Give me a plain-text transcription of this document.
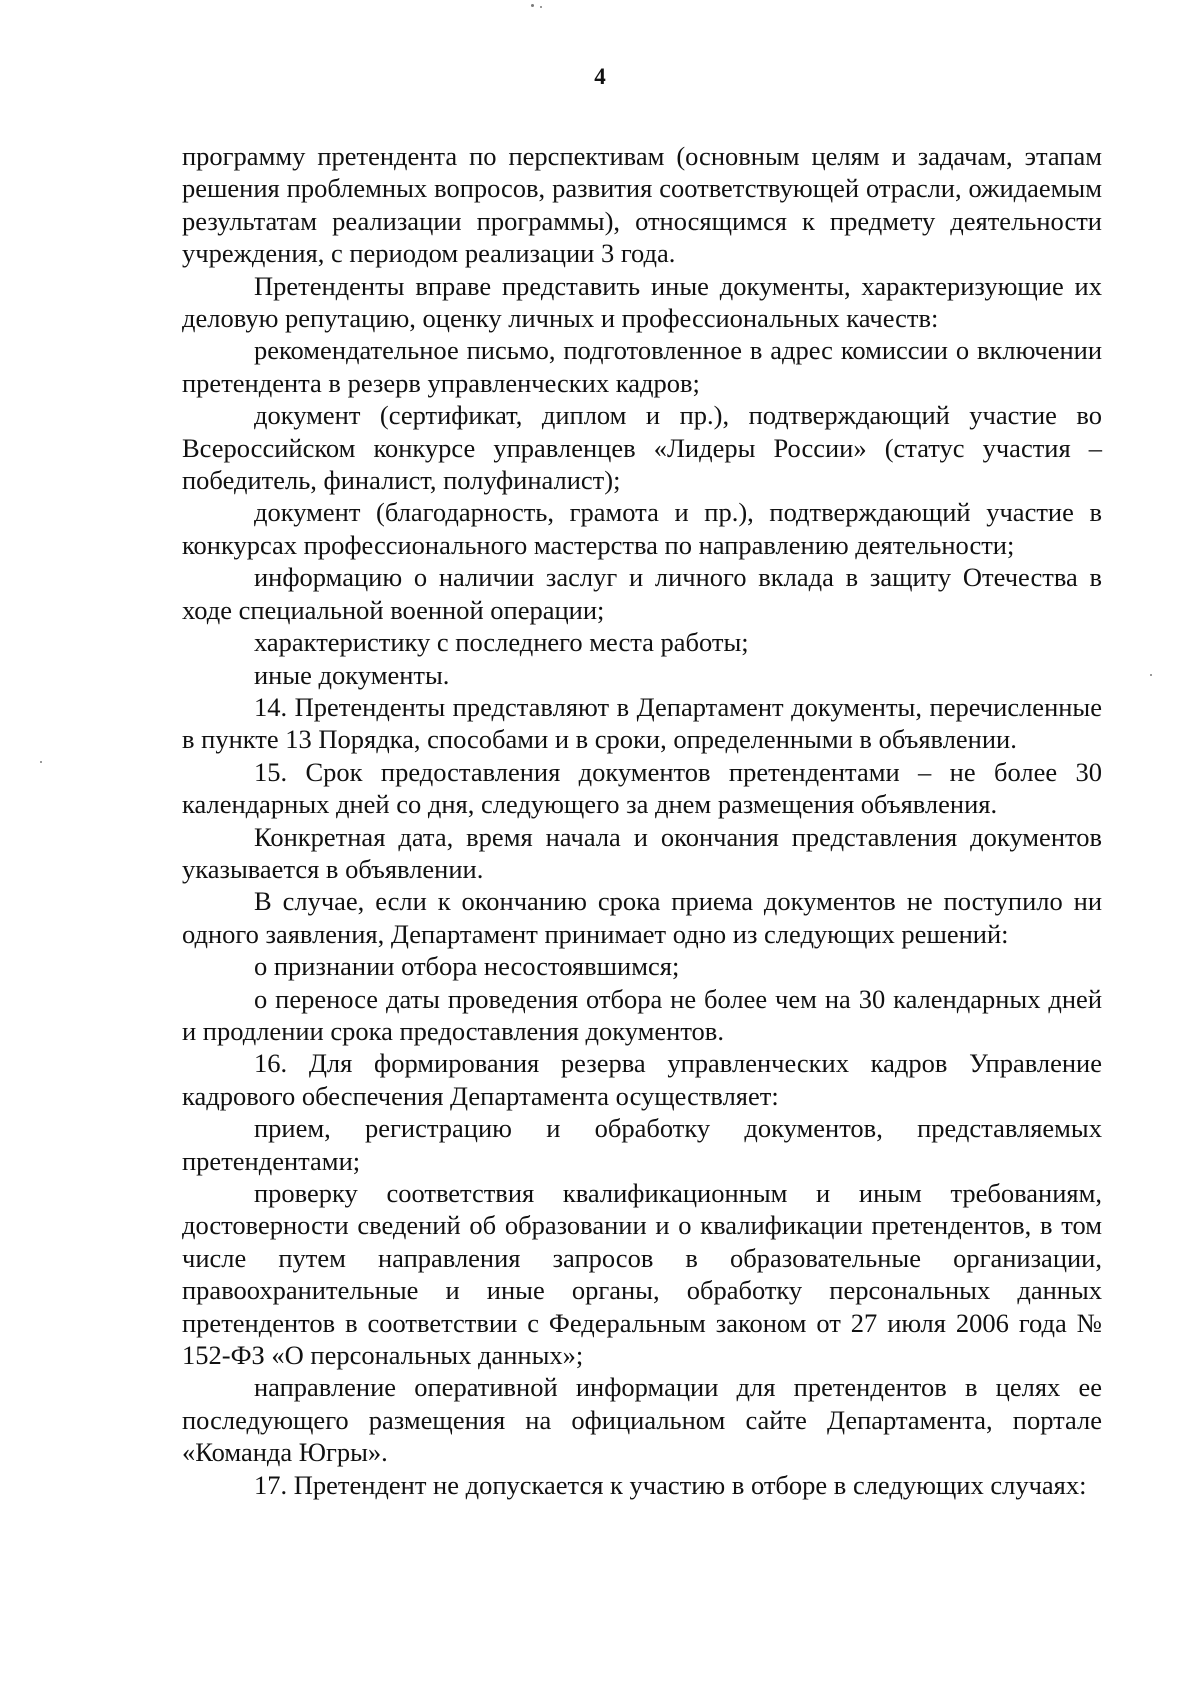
4

программу претендента по перспективам (основным целям и задачам, этапам решения проблемных вопросов, развития соответствующей отрасли, ожидаемым результатам реализации программы), относящимся к предмету деятельности учреждения, с периодом реализации 3 года.

Претенденты вправе представить иные документы, характеризующие их деловую репутацию, оценку личных и профессиональных качеств:

рекомендательное письмо, подготовленное в адрес комиссии о включении претендента в резерв управленческих кадров;

документ (сертификат, диплом и пр.), подтверждающий участие во Всероссийском конкурсе управленцев «Лидеры России» (статус участия – победитель, финалист, полуфиналист);

документ (благодарность, грамота и пр.), подтверждающий участие в конкурсах профессионального мастерства по направлению деятельности;

информацию о наличии заслуг и личного вклада в защиту Отечества в ходе специальной военной операции;

характеристику с последнего места работы;

иные документы.

14. Претенденты представляют в Департамент документы, перечисленные в пункте 13 Порядка, способами и в сроки, определенными в объявлении.

15. Срок предоставления документов претендентами – не более 30 календарных дней со дня, следующего за днем размещения объявления.

Конкретная дата, время начала и окончания представления документов указывается в объявлении.

В случае, если к окончанию срока приема документов не поступило ни одного заявления, Департамент принимает одно из следующих решений:

о признании отбора несостоявшимся;

о переносе даты проведения отбора не более чем на 30 календарных дней и продлении срока предоставления документов.

16. Для формирования резерва управленческих кадров Управление кадрового обеспечения Департамента осуществляет:

прием, регистрацию и обработку документов, представляемых претендентами;

проверку соответствия квалификационным и иным требованиям, достоверности сведений об образовании и о квалификации претендентов, в том числе путем направления запросов в образовательные организации, правоохранительные и иные органы, обработку персональных данных претендентов в соответствии с Федеральным законом от 27 июля 2006 года № 152-ФЗ «О персональных данных»;

направление оперативной информации для претендентов в целях ее последующего размещения на официальном сайте Департамента, портале «Команда Югры».

17. Претендент не допускается к участию в отборе в следующих случаях:
